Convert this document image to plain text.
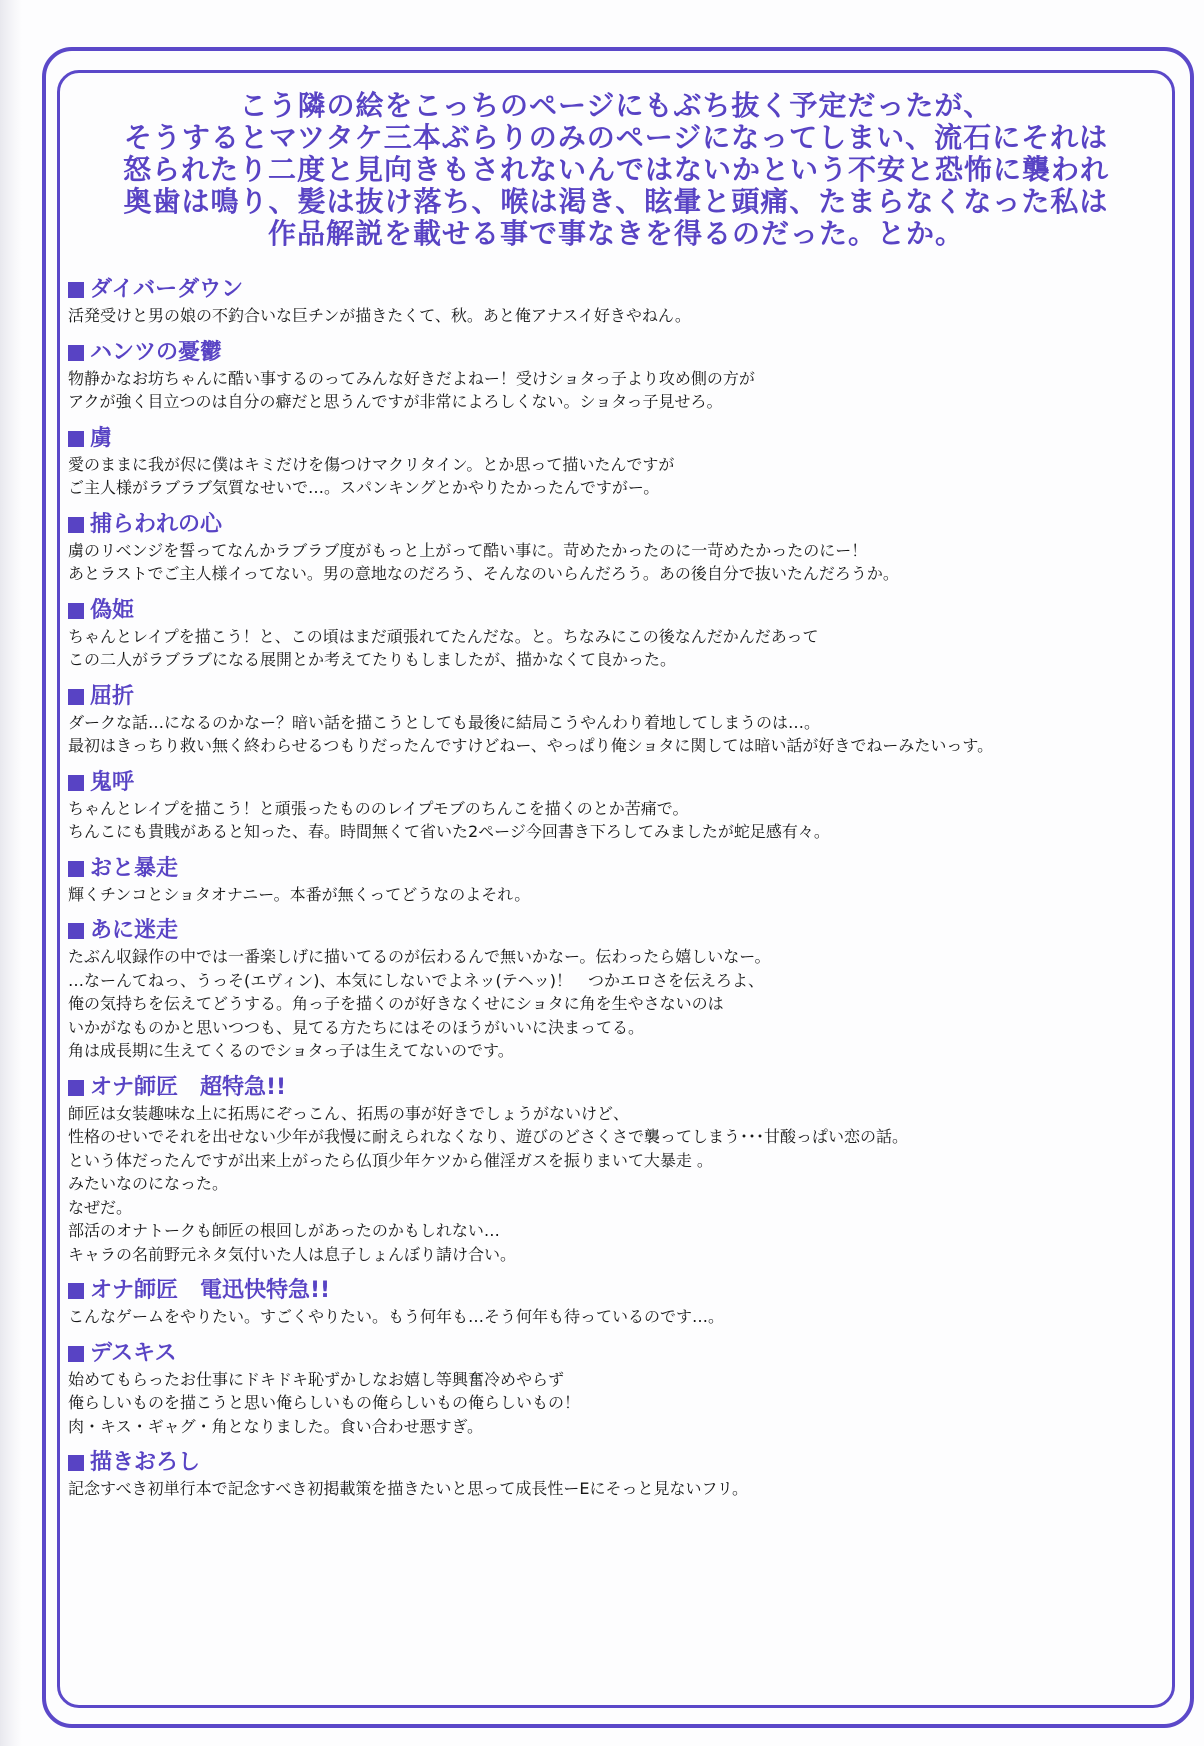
こう隣の絵をこっちのページにもぶち抜く予定だったが、
そうするとマツタケ三本ぶらりのみのページになってしまい、流石にそれは
怒られたり二度と見向きもされないんではないかという不安と恐怖に襲われ
奥歯は鳴り、髪は抜け落ち、喉は渇き、眩暈と頭痛、たまらなくなった私は
作品解説を載せる事で事なきを得るのだった。とか。
ダイバーダウン
活発受けと男の娘の不釣合いな巨チンが描きたくて、秋。あと俺アナスイ好きやねん。
ハンツの憂鬱
物静かなお坊ちゃんに酷い事するのってみんな好きだよねー！受けショタっ子より攻め側の方が
アクが強く目立つのは自分の癖だと思うんですが非常によろしくない。ショタっ子見せろ。
虜
愛のままに我が侭に僕はキミだけを傷つけマクリタイン。とか思って描いたんですが
ご主人様がラブラブ気質なせいで…。スパンキングとかやりたかったんですがー。
捕らわれの心
虜のリベンジを誓ってなんかラブラブ度がもっと上がって酷い事に。苛めたかったのに一苛めたかったのにー！
あとラストでご主人様イってない。男の意地なのだろう、そんなのいらんだろう。あの後自分で抜いたんだろうか。
偽姫
ちゃんとレイプを描こう！と、この頃はまだ頑張れてたんだな。と。ちなみにこの後なんだかんだあって
この二人がラブラブになる展開とか考えてたりもしましたが、描かなくて良かった。
屈折
ダークな話…になるのかなー？暗い話を描こうとしても最後に結局こうやんわり着地してしまうのは…。
最初はきっちり救い無く終わらせるつもりだったんですけどねー、やっぱり俺ショタに関しては暗い話が好きでねーみたいっす。
鬼呼
ちゃんとレイプを描こう！と頑張ったもののレイプモブのちんこを描くのとか苦痛で。
ちんこにも貴賎があると知った、春。時間無くて省いた2ページ今回書き下ろしてみましたが蛇足感有々。
おと暴走
輝くチンコとショタオナニー。本番が無くってどうなのよそれ。
あに迷走
たぶん収録作の中では一番楽しげに描いてるのが伝わるんで無いかなー。伝わったら嬉しいなー。
…なーんてねっ、うっそ(エヴィン)、本気にしないでよネッ(テヘッ)！　つかエロさを伝えろよ、
俺の気持ちを伝えてどうする。角っ子を描くのが好きなくせにショタに角を生やさないのは
いかがなものかと思いつつも、見てる方たちにはそのほうがいいに決まってる。
角は成長期に生えてくるのでショタっ子は生えてないのです。
オナ師匠　超特急!!
師匠は女装趣味な上に拓馬にぞっこん、拓馬の事が好きでしょうがないけど、
性格のせいでそれを出せない少年が我慢に耐えられなくなり、遊びのどさくさで襲ってしまう･･･甘酸っぱい恋の話。
という体だったんですが出来上がったら仏頂少年ケツから催淫ガスを振りまいて大暴走 。
みたいなのになった。
なぜだ。
部活のオナトークも師匠の根回しがあったのかもしれない…
キャラの名前野元ネタ気付いた人は息子しょんぼり請け合い。
オナ師匠　電迅快特急!!
こんなゲームをやりたい。すごくやりたい。もう何年も…そう何年も待っているのです…。
デスキス
始めてもらったお仕事にドキドキ恥ずかしなお嬉し等興奮冷めやらず
俺らしいものを描こうと思い俺らしいもの俺らしいもの俺らしいもの！
肉・キス・ギャグ・角となりました。食い合わせ悪すぎ。
描きおろし
記念すべき初単行本で記念すべき初掲載策を描きたいと思って成長性ーEにそっと見ないフリ。
